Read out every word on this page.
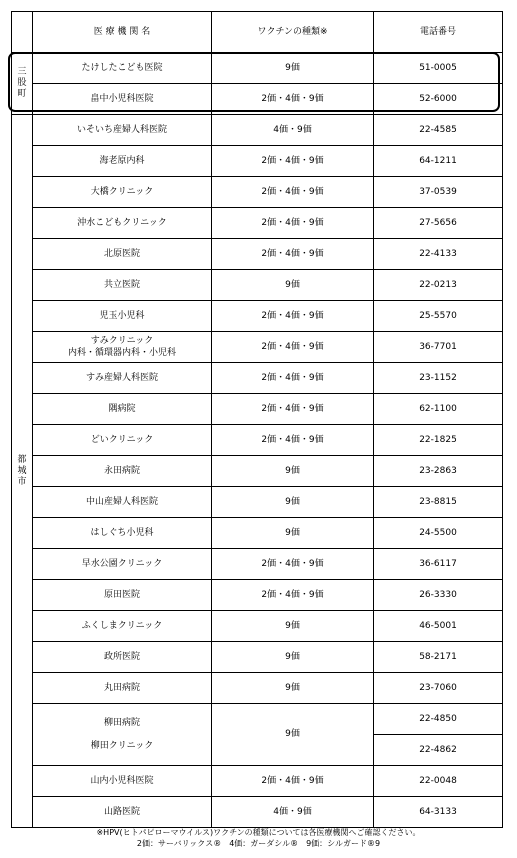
	医 療 機 関 名	ワクチンの種類※	電話番号

三
股
町	たけしたこども医院	9価	51-0005

	畠中小児科医院	2価・4価・9価	52-6000

都
城
市	いそいち産婦人科医院	4価・9価	22-4585

	海老原内科	2価・4価・9価	64-1211

	大橋クリニック	2価・4価・9価	37-0539

	沖水こどもクリニック	2価・4価・9価	27-5656

	北原医院	2価・4価・9価	22-4133

	共立医院	9価	22-0213

	児玉小児科	2価・4価・9価	25-5570

	すみクリニック
内科・循環器内科・小児科	2価・4価・9価	36-7701

	すみ産婦人科医院	2価・4価・9価	23-1152

	隅病院	2価・4価・9価	62-1100

	どいクリニック	2価・4価・9価	22-1825

	永田病院	9価	23-2863

	中山産婦人科医院	9価	23-8815

	はしぐち小児科	9価	24-5500

	早水公園クリニック	2価・4価・9価	36-6117

	原田医院	2価・4価・9価	26-3330

	ふくしまクリニック	9価	46-5001

	政所医院	9価	58-2171

	丸田病院	9価	23-7060

	柳田病院
柳田クリニック	9価	22-4850
			22-4862

	山内小児科医院	2価・4価・9価	22-0048

	山路医院	4価・9価	64-3133
※HPV(ヒトパピローマウイルス)ワクチンの種類については各医療機関へご確認ください。
2価：サーバリックス®　4価：ガーダシル®　9価：シルガード®9
